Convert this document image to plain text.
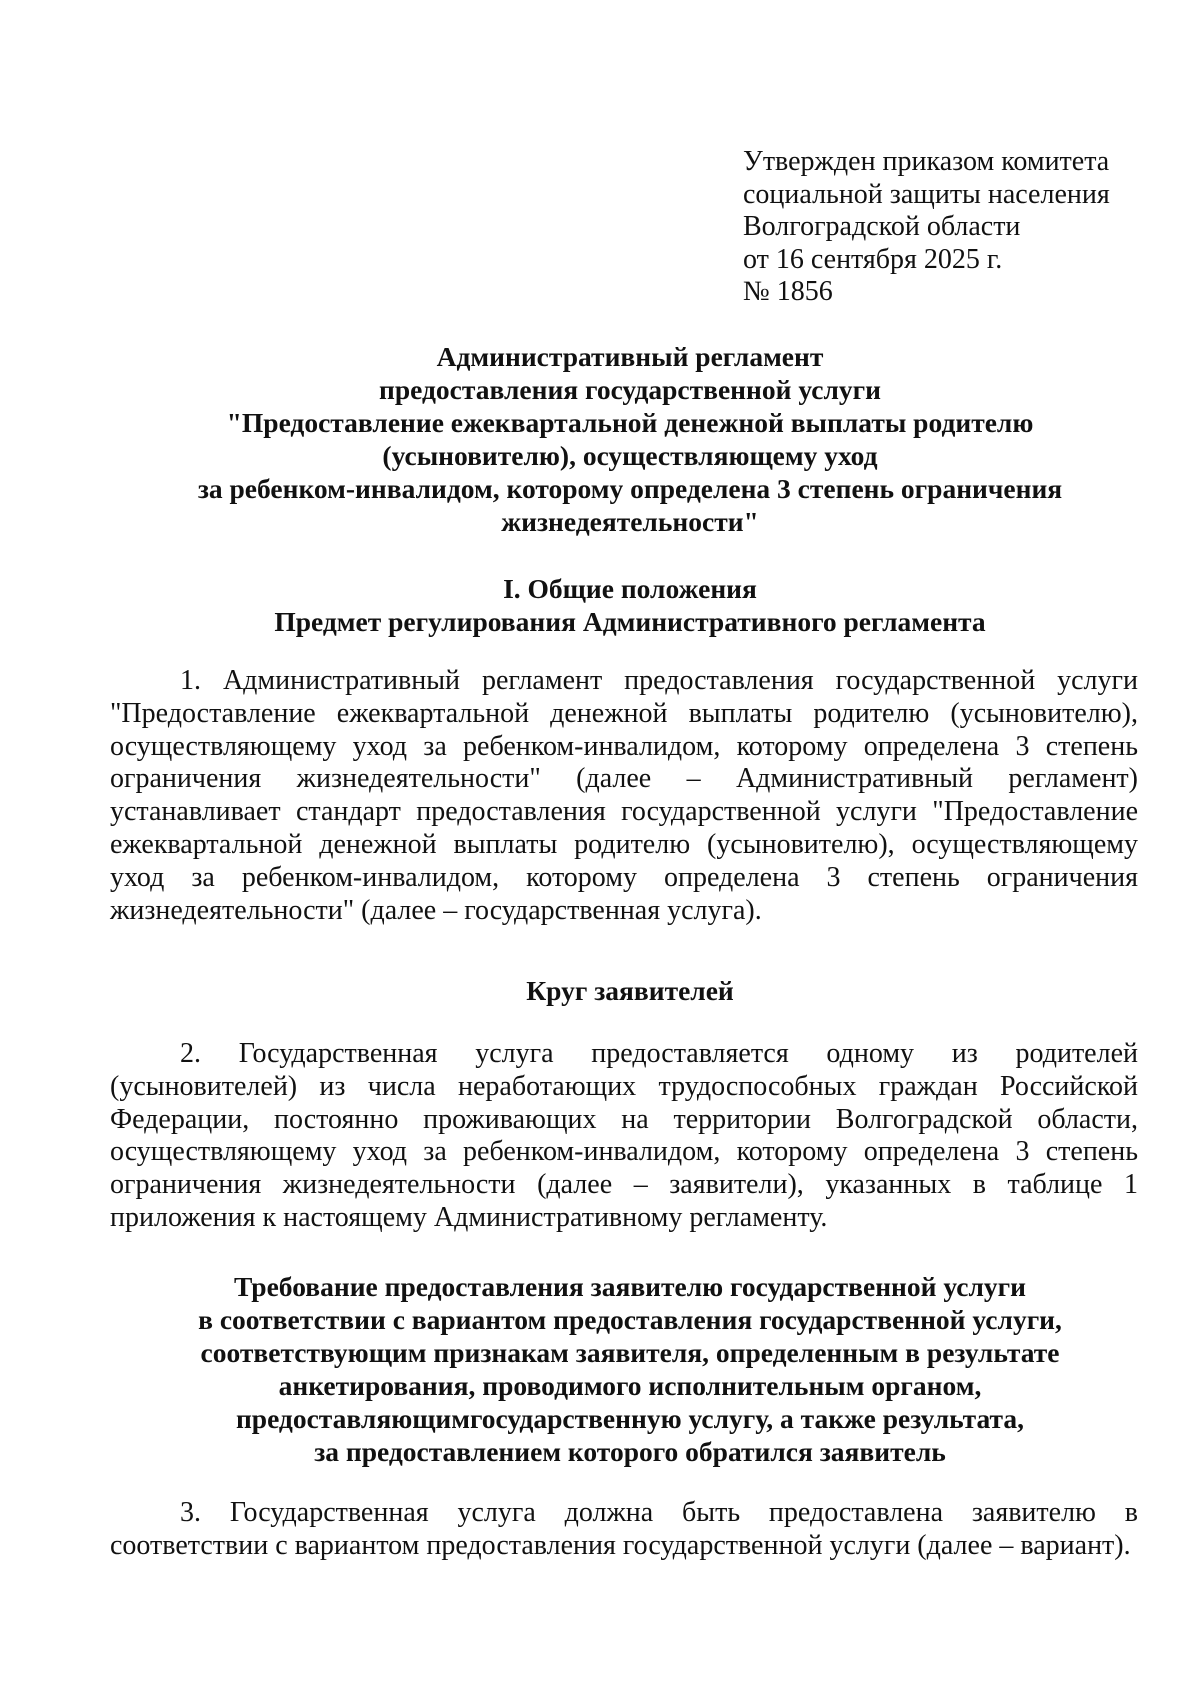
Утвержден приказом комитета
социальной защиты населения
Волгоградской области
от 16 сентября 2025 г.
№ 1856
Административный регламент
предоставления государственной услуги
"Предоставление ежеквартальной денежной выплаты родителю
(усыновителю), осуществляющему уход
за ребенком-инвалидом, которому определена 3 степень ограничения
жизнедеятельности"
I. Общие положения
Предмет регулирования Административного регламента

1. Административный регламент предоставления государственной услуги "Предоставление ежеквартальной денежной выплаты родителю (усыновителю), осуществляющему уход за ребенком-инвалидом, которому определена 3 степень ограничения жизнедеятельности" (далее – Административный регламент) устанавливает стандарт предоставления государственной услуги "Предоставление ежеквартальной денежной выплаты родителю (усыновителю), осуществляющему уход за ребенком-инвалидом, которому определена 3 степень ограничения жизнедеятельности" (далее – государственная услуга).

Круг заявителей

2. Государственная услуга предоставляется одному из родителей (усыновителей) из числа неработающих трудоспособных граждан Российской Федерации, постоянно проживающих на территории Волгоградской области, осуществляющему уход за ребенком-инвалидом, которому определена 3 степень ограничения жизнедеятельности (далее – заявители), указанных в таблице 1 приложения к настоящему Административному регламенту.

Требование предоставления заявителю государственной услуги
в соответствии с вариантом предоставления государственной услуги,
соответствующим признакам заявителя, определенным в результате
анкетирования, проводимого исполнительным органом,
предоставляющимгосударственную услугу, а также результата,
за предоставлением которого обратился заявитель

3. Государственная услуга должна быть предоставлена заявителю в соответствии с вариантом предоставления государственной услуги (далее – вариант).
